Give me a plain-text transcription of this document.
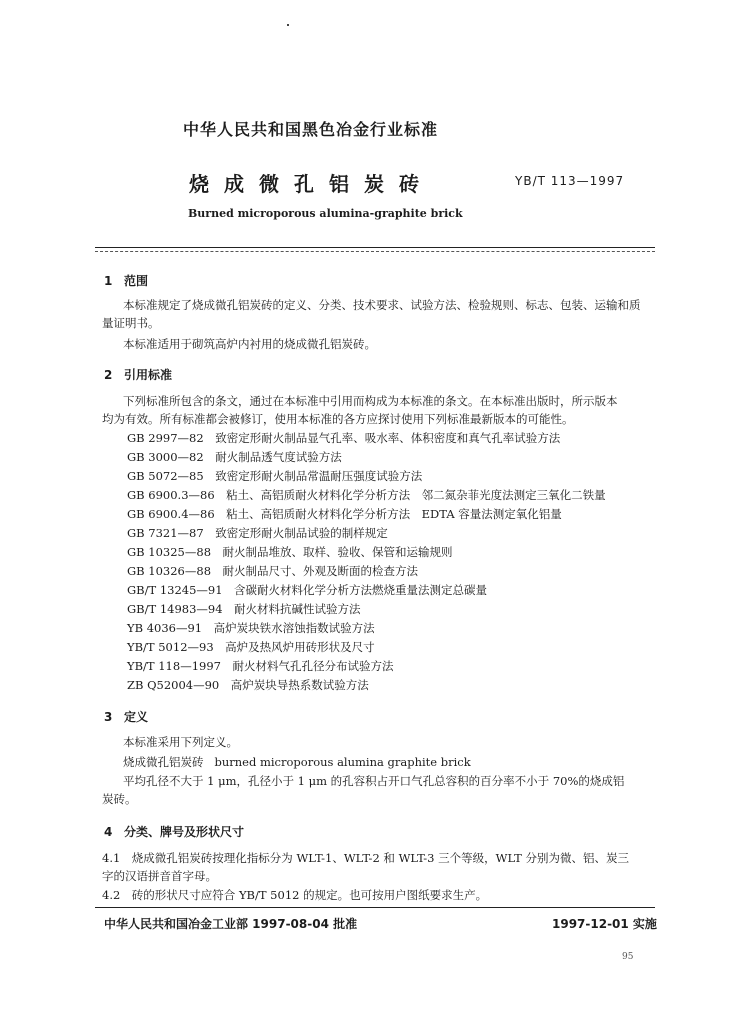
中华人民共和国黑色冶金行业标准
烧成微孔铝炭砖	YB/T 113—1997
Burned microporous alumina-graphite brick
1 范围
本标准规定了烧成微孔铝炭砖的定义、分类、技术要求、试验方法、检验规则、标志、包装、运输和质
量证明书。
本标准适用于砌筑高炉内衬用的烧成微孔铝炭砖。
2 引用标准
下列标准所包含的条文，通过在本标准中引用而构成为本标准的条文。在本标准出版时，所示版本
均为有效。所有标准都会被修订，使用本标准的各方应探讨使用下列标准最新版本的可能性。
GB 2997—82　致密定形耐火制品显气孔率、吸水率、体积密度和真气孔率试验方法
GB 3000—82　耐火制品透气度试验方法
GB 5072—85　致密定形耐火制品常温耐压强度试验方法
GB 6900.3—86　粘土、高铝质耐火材料化学分析方法　邻二氮杂菲光度法测定三氧化二铁量
GB 6900.4—86　粘土、高铝质耐火材料化学分析方法　EDTA 容量法测定氧化铝量
GB 7321—87　致密定形耐火制品试验的制样规定
GB 10325—88　耐火制品堆放、取样、验收、保管和运输规则
GB 10326—88　耐火制品尺寸、外观及断面的检查方法
GB/T 13245—91　含碳耐火材料化学分析方法燃烧重量法测定总碳量
GB/T 14983—94　耐火材料抗碱性试验方法
YB 4036—91　高炉炭块铁水溶蚀指数试验方法
YB/T 5012—93　高炉及热风炉用砖形状及尺寸
YB/T 118—1997　耐火材料气孔孔径分布试验方法
ZB Q52004—90　高炉炭块导热系数试验方法
3 定义
本标准采用下列定义。
烧成微孔铝炭砖 burned microporous alumina graphite brick
平均孔径不大于 1 μm，孔径小于 1 μm 的孔容积占开口气孔总容积的百分率不小于 70%的烧成铝
炭砖。
4 分类、牌号及形状尺寸
4.1　烧成微孔铝炭砖按理化指标分为 WLT-1、WLT-2 和 WLT-3 三个等级，WLT 分别为微、铝、炭三
字的汉语拼音首字母。
4.2　砖的形状尺寸应符合 YB/T 5012 的规定。也可按用户图纸要求生产。
中华人民共和国冶金工业部 1997-08-04 批准	1997-12-01 实施
95
